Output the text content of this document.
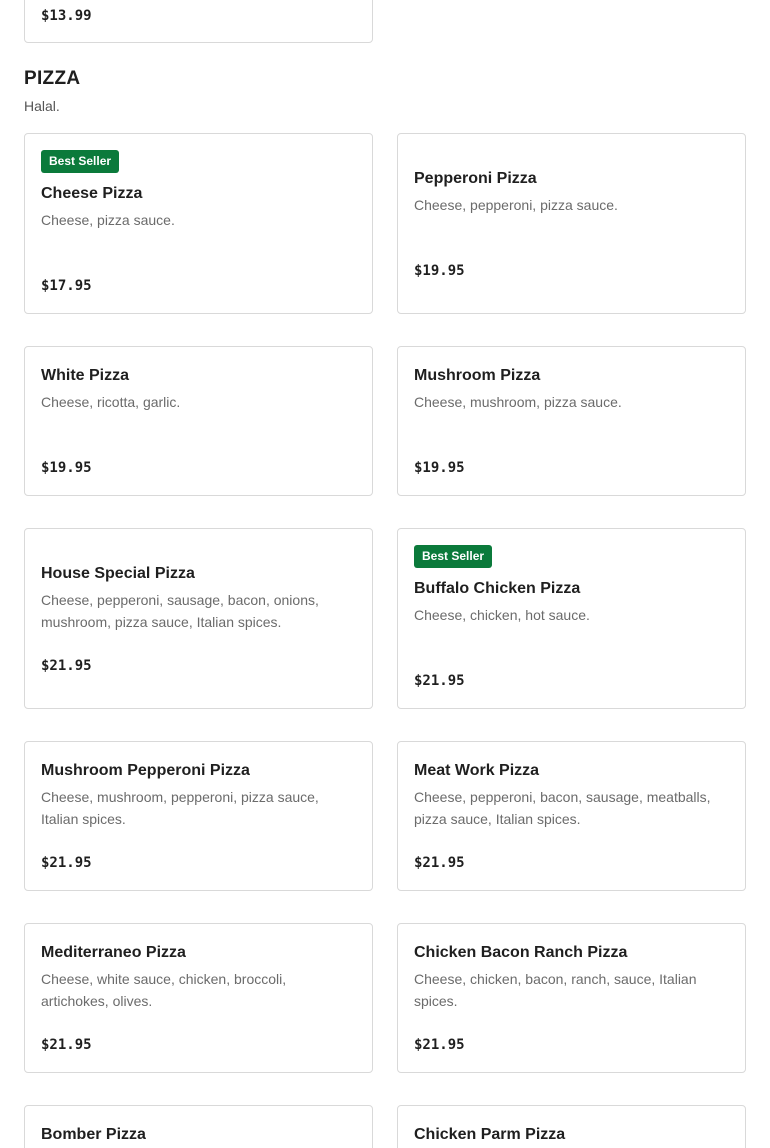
$13.99
PIZZA
Halal.
Best Seller
Cheese Pizza
Cheese, pizza sauce.
$17.95
Pepperoni Pizza
Cheese, pepperoni, pizza sauce.
$19.95
White Pizza
Cheese, ricotta, garlic.
$19.95
Mushroom Pizza
Cheese, mushroom, pizza sauce.
$19.95
House Special Pizza
Cheese, pepperoni, sausage, bacon, onions, mushroom, pizza sauce, Italian spices.
$21.95
Best Seller
Buffalo Chicken Pizza
Cheese, chicken, hot sauce.
$21.95
Mushroom Pepperoni Pizza
Cheese, mushroom, pepperoni, pizza sauce, Italian spices.
$21.95
Meat Work Pizza
Cheese, pepperoni, bacon, sausage, meatballs, pizza sauce, Italian spices.
$21.95
Mediterraneo Pizza
Cheese, white sauce, chicken, broccoli, artichokes, olives.
$21.95
Chicken Bacon Ranch Pizza
Cheese, chicken, bacon, ranch, sauce, Italian spices.
$21.95
Bomber Pizza	Chicken Parm Pizza
